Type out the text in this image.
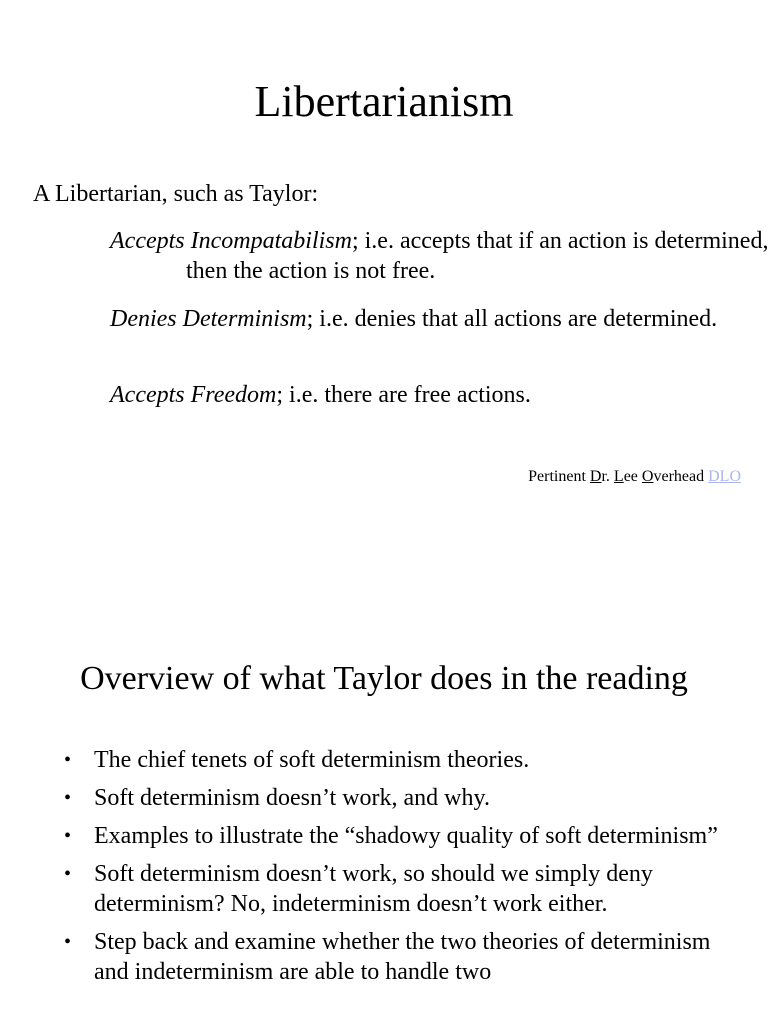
Libertarianism
A Libertarian, such as Taylor:
Accepts Incompatabilism; i.e. accepts that if an action is determined, then the action is not free.
Denies Determinism; i.e. denies that all actions are determined.
Accepts Freedom; i.e. there are free actions.
Pertinent Dr. Lee Overhead DLO
Overview of what Taylor does in the reading
• The chief tenets of soft determinism theories.
• Soft determinism doesn’t work, and why.
• Examples to illustrate the “shadowy quality of soft determinism”
• Soft determinism doesn’t work, so should we simply deny determinism? No, indeterminism doesn’t work either.
• Step back and examine whether the two theories of determinism and indeterminism are able to handle two
